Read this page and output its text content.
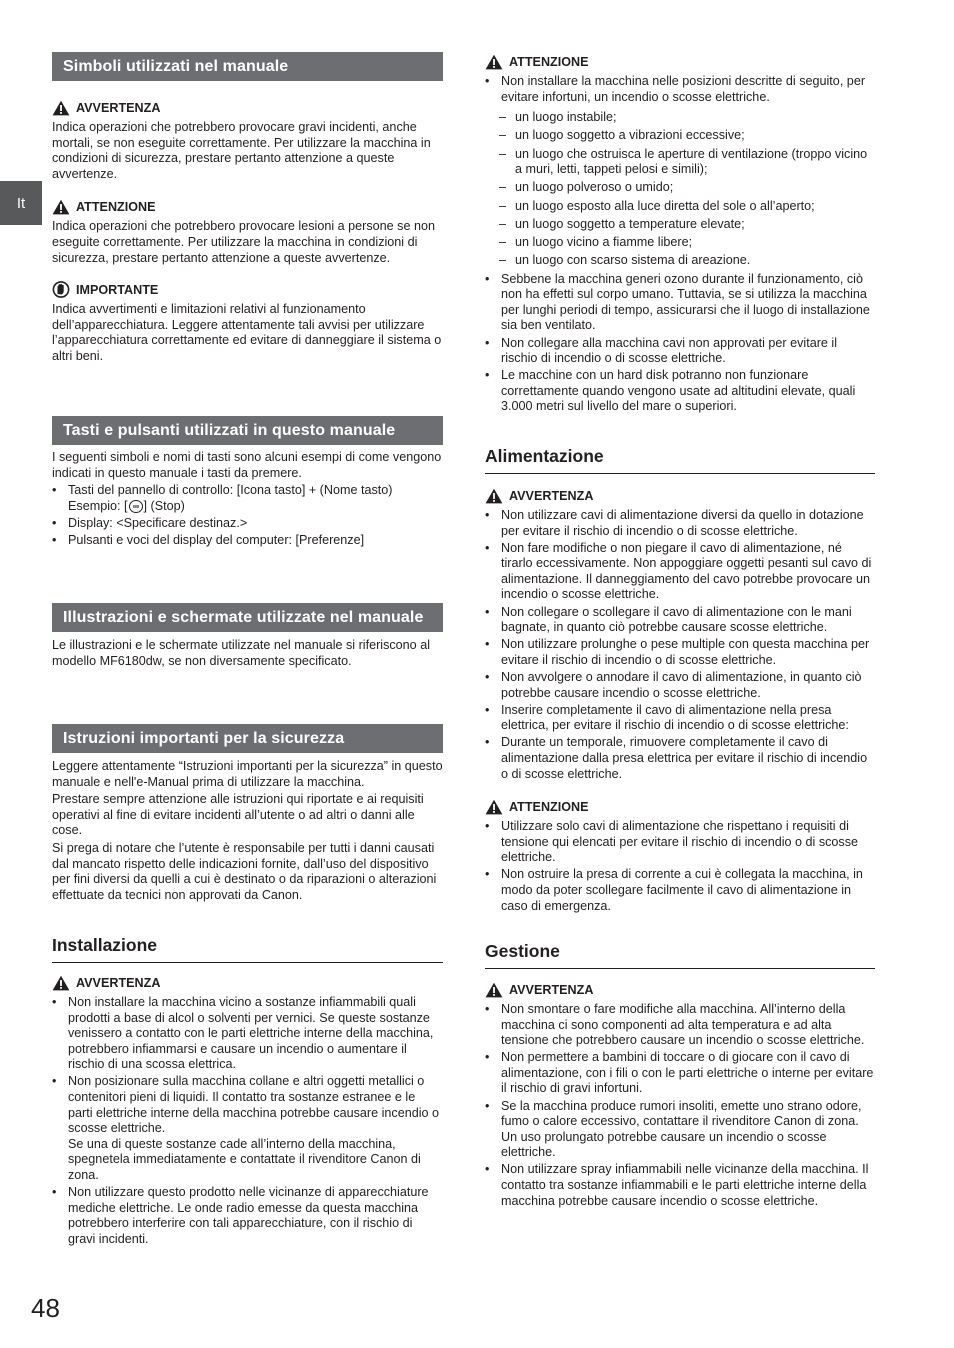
It
Simboli utilizzati nel manuale
AVVERTENZA

Indica operazioni che potrebbero provocare gravi incidenti, anche mortali, se non eseguite correttamente. Per utilizzare la macchina in condizioni di sicurezza, prestare pertanto attenzione a queste avvertenze.

ATTENZIONE

Indica operazioni che potrebbero provocare lesioni a persone se non eseguite correttamente. Per utilizzare la macchina in condizioni di sicurezza, prestare pertanto attenzione a queste avvertenze.

IMPORTANTE

Indica avvertimenti e limitazioni relativi al funzionamento dell’apparecchiatura. Leggere attentamente tali avvisi per utilizzare l’apparecchiatura correttamente ed evitare di danneggiare il sistema o altri beni.

Tasti e pulsanti utilizzati in questo manuale

I seguenti simboli e nomi di tasti sono alcuni esempi di come vengono indicati in questo manuale i tasti da premere.

• Tasti del pannello di controllo: [Icona tasto] + (Nome tasto)
Esempio: [ ] (Stop)
• Display: <Specificare destinaz.>
• Pulsanti e voci del display del computer: [Preferenze]
Illustrazioni e schermate utilizzate nel manuale

Le illustrazioni e le schermate utilizzate nel manuale si riferiscono al modello MF6180dw, se non diversamente specificato.

Istruzioni importanti per la sicurezza

Leggere attentamente “Istruzioni importanti per la sicurezza” in questo manuale e nell'e-Manual prima di utilizzare la macchina.

Prestare sempre attenzione alle istruzioni qui riportate e ai requisiti operativi al fine di evitare incidenti all’utente o ad altri o danni alle cose.

Si prega di notare che l’utente è responsabile per tutti i danni causati dal mancato rispetto delle indicazioni fornite, dall’uso del dispositivo per fini diversi da quelli a cui è destinato o da riparazioni o alterazioni effettuate da tecnici non approvati da Canon.

Installazione
AVVERTENZA
• Non installare la macchina vicino a sostanze infiammabili quali prodotti a base di alcol o solventi per vernici. Se queste sostanze venissero a contatto con le parti elettriche interne della macchina, potrebbero infiammarsi e causare un incendio o aumentare il rischio di una scossa elettrica.
• Non posizionare sulla macchina collane e altri oggetti metallici o contenitori pieni di liquidi. Il contatto tra sostanze estranee e le parti elettriche interne della macchina potrebbe causare incendio o scosse elettriche.
Se una di queste sostanze cade all’interno della macchina, spegnetela immediatamente e contattate il rivenditore Canon di zona.
• Non utilizzare questo prodotto nelle vicinanze di apparecchiature mediche elettriche. Le onde radio emesse da questa macchina potrebbero interferire con tali apparecchiature, con il rischio di gravi incidenti.
ATTENZIONE
• Non installare la macchina nelle posizioni descritte di seguito, per evitare infortuni, un incendio o scosse elettriche.
– un luogo instabile;
– un luogo soggetto a vibrazioni eccessive;
– un luogo che ostruisca le aperture di ventilazione (troppo vicino a muri, letti, tappeti pelosi e simili);
– un luogo polveroso o umido;
– un luogo esposto alla luce diretta del sole o all’aperto;
– un luogo soggetto a temperature elevate;
– un luogo vicino a fiamme libere;
– un luogo con scarso sistema di areazione.
• Sebbene la macchina generi ozono durante il funzionamento, ciò non ha effetti sul corpo umano. Tuttavia, se si utilizza la macchina per lunghi periodi di tempo, assicurarsi che il luogo di installazione sia ben ventilato.
• Non collegare alla macchina cavi non approvati per evitare il rischio di incendio o di scosse elettriche.
• Le macchine con un hard disk potranno non funzionare correttamente quando vengono usate ad altitudini elevate, quali 3.000 metri sul livello del mare o superiori.
Alimentazione
AVVERTENZA
• Non utilizzare cavi di alimentazione diversi da quello in dotazione per evitare il rischio di incendio o di scosse elettriche.
• Non fare modifiche o non piegare il cavo di alimentazione, né tirarlo eccessivamente. Non appoggiare oggetti pesanti sul cavo di alimentazione. Il danneggiamento del cavo potrebbe provocare un incendio o scosse elettriche.
• Non collegare o scollegare il cavo di alimentazione con le mani bagnate, in quanto ciò potrebbe causare scosse elettriche.
• Non utilizzare prolunghe o pese multiple con questa macchina per evitare il rischio di incendio o di scosse elettriche.
• Non avvolgere o annodare il cavo di alimentazione, in quanto ciò potrebbe causare incendio o scosse elettriche.
• Inserire completamente il cavo di alimentazione nella presa elettrica, per evitare il rischio di incendio o di scosse elettriche:
• Durante un temporale, rimuovere completamente il cavo di alimentazione dalla presa elettrica per evitare il rischio di incendio o di scosse elettriche.
ATTENZIONE
• Utilizzare solo cavi di alimentazione che rispettano i requisiti di tensione qui elencati per evitare il rischio di incendio o di scosse elettriche.
• Non ostruire la presa di corrente a cui è collegata la macchina, in modo da poter scollegare facilmente il cavo di alimentazione in caso di emergenza.
Gestione
AVVERTENZA
• Non smontare o fare modifiche alla macchina. All’interno della macchina ci sono componenti ad alta temperatura e ad alta tensione che potrebbero causare un incendio o scosse elettriche.
• Non permettere a bambini di toccare o di giocare con il cavo di alimentazione, con i fili o con le parti elettriche o interne per evitare il rischio di gravi infortuni.
• Se la macchina produce rumori insoliti, emette uno strano odore, fumo o calore eccessivo, contattare il rivenditore Canon di zona. Un uso prolungato potrebbe causare un incendio o scosse elettriche.
• Non utilizzare spray infiammabili nelle vicinanze della macchina. Il contatto tra sostanze infiammabili e le parti elettriche interne della macchina potrebbe causare incendio o scosse elettriche.
48
